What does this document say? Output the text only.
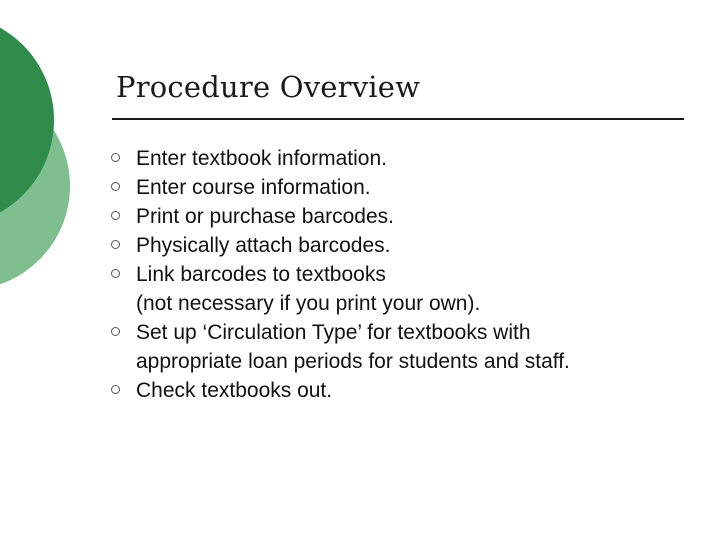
Procedure Overview
Enter textbook information.
Enter course information.
Print or purchase barcodes.
Physically attach barcodes.
Link barcodes to textbooks
(not necessary if you print your own).
Set up ‘Circulation Type’ for textbooks with
appropriate loan periods for students and staff.
Check textbooks out.
